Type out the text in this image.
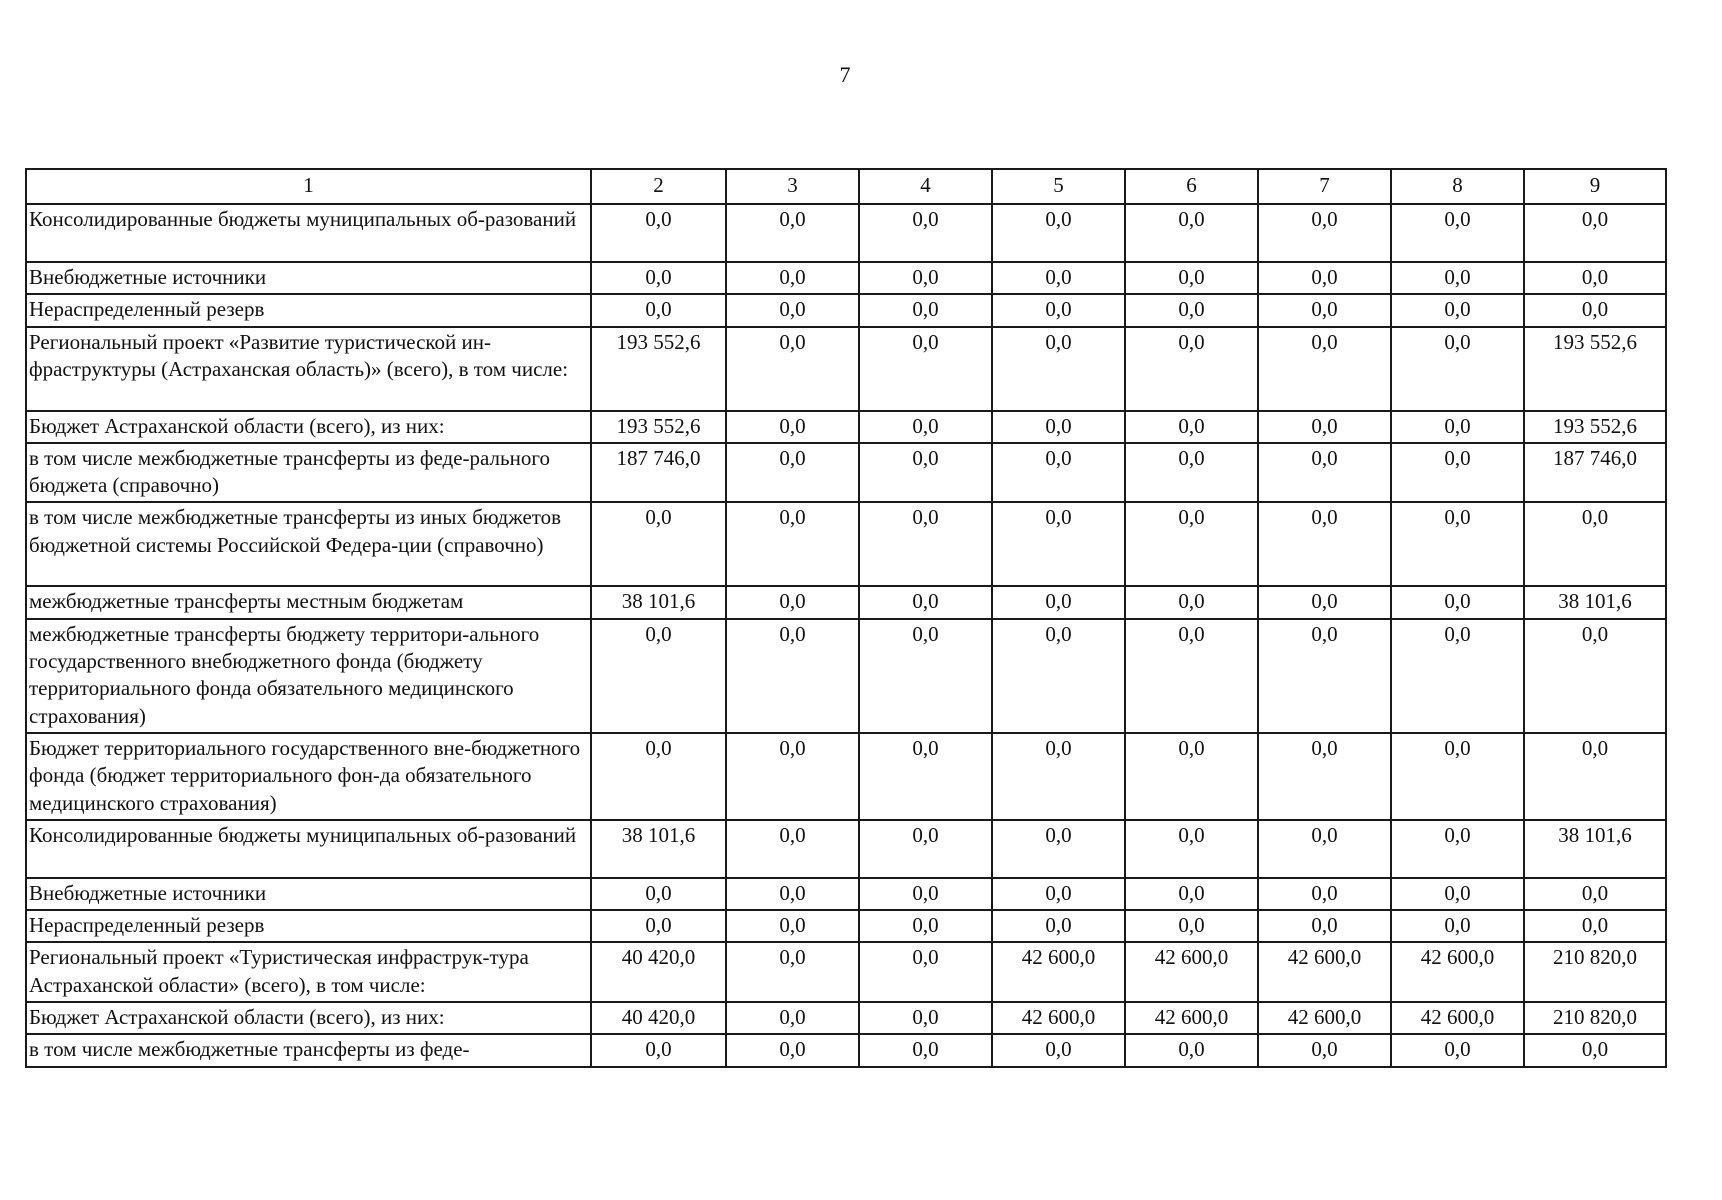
7
1	2	3	4	5	6	7	8	9
Консолидированные бюджеты муниципальных об-разований	0,0	0,0	0,0	0,0	0,0	0,0	0,0	0,0
Внебюджетные источники	0,0	0,0	0,0	0,0	0,0	0,0	0,0	0,0
Нераспределенный резерв	0,0	0,0	0,0	0,0	0,0	0,0	0,0	0,0
Региональный проект «Развитие туристической ин-фраструктуры (Астраханская область)» (всего), в том числе:	193 552,6	0,0	0,0	0,0	0,0	0,0	0,0	193 552,6
Бюджет Астраханской области (всего), из них:	193 552,6	0,0	0,0	0,0	0,0	0,0	0,0	193 552,6
в том числе межбюджетные трансферты из феде-рального бюджета (справочно)	187 746,0	0,0	0,0	0,0	0,0	0,0	0,0	187 746,0
в том числе межбюджетные трансферты из иных бюджетов бюджетной системы Российской Федера-ции (справочно)	0,0	0,0	0,0	0,0	0,0	0,0	0,0	0,0
межбюджетные трансферты местным бюджетам	38 101,6	0,0	0,0	0,0	0,0	0,0	0,0	38 101,6
межбюджетные трансферты бюджету территори-ального государственного внебюджетного фонда (бюджету территориального фонда обязательного медицинского страхования)	0,0	0,0	0,0	0,0	0,0	0,0	0,0	0,0
Бюджет территориального государственного вне-бюджетного фонда (бюджет территориального фон-да обязательного медицинского страхования)	0,0	0,0	0,0	0,0	0,0	0,0	0,0	0,0
Консолидированные бюджеты муниципальных об-разований	38 101,6	0,0	0,0	0,0	0,0	0,0	0,0	38 101,6
Внебюджетные источники	0,0	0,0	0,0	0,0	0,0	0,0	0,0	0,0
Нераспределенный резерв	0,0	0,0	0,0	0,0	0,0	0,0	0,0	0,0
Региональный проект «Туристическая инфраструк-тура Астраханской области» (всего), в том числе:	40 420,0	0,0	0,0	42 600,0	42 600,0	42 600,0	42 600,0	210 820,0
Бюджет Астраханской области (всего), из них:	40 420,0	0,0	0,0	42 600,0	42 600,0	42 600,0	42 600,0	210 820,0
в том числе межбюджетные трансферты из феде-	0,0	0,0	0,0	0,0	0,0	0,0	0,0	0,0
